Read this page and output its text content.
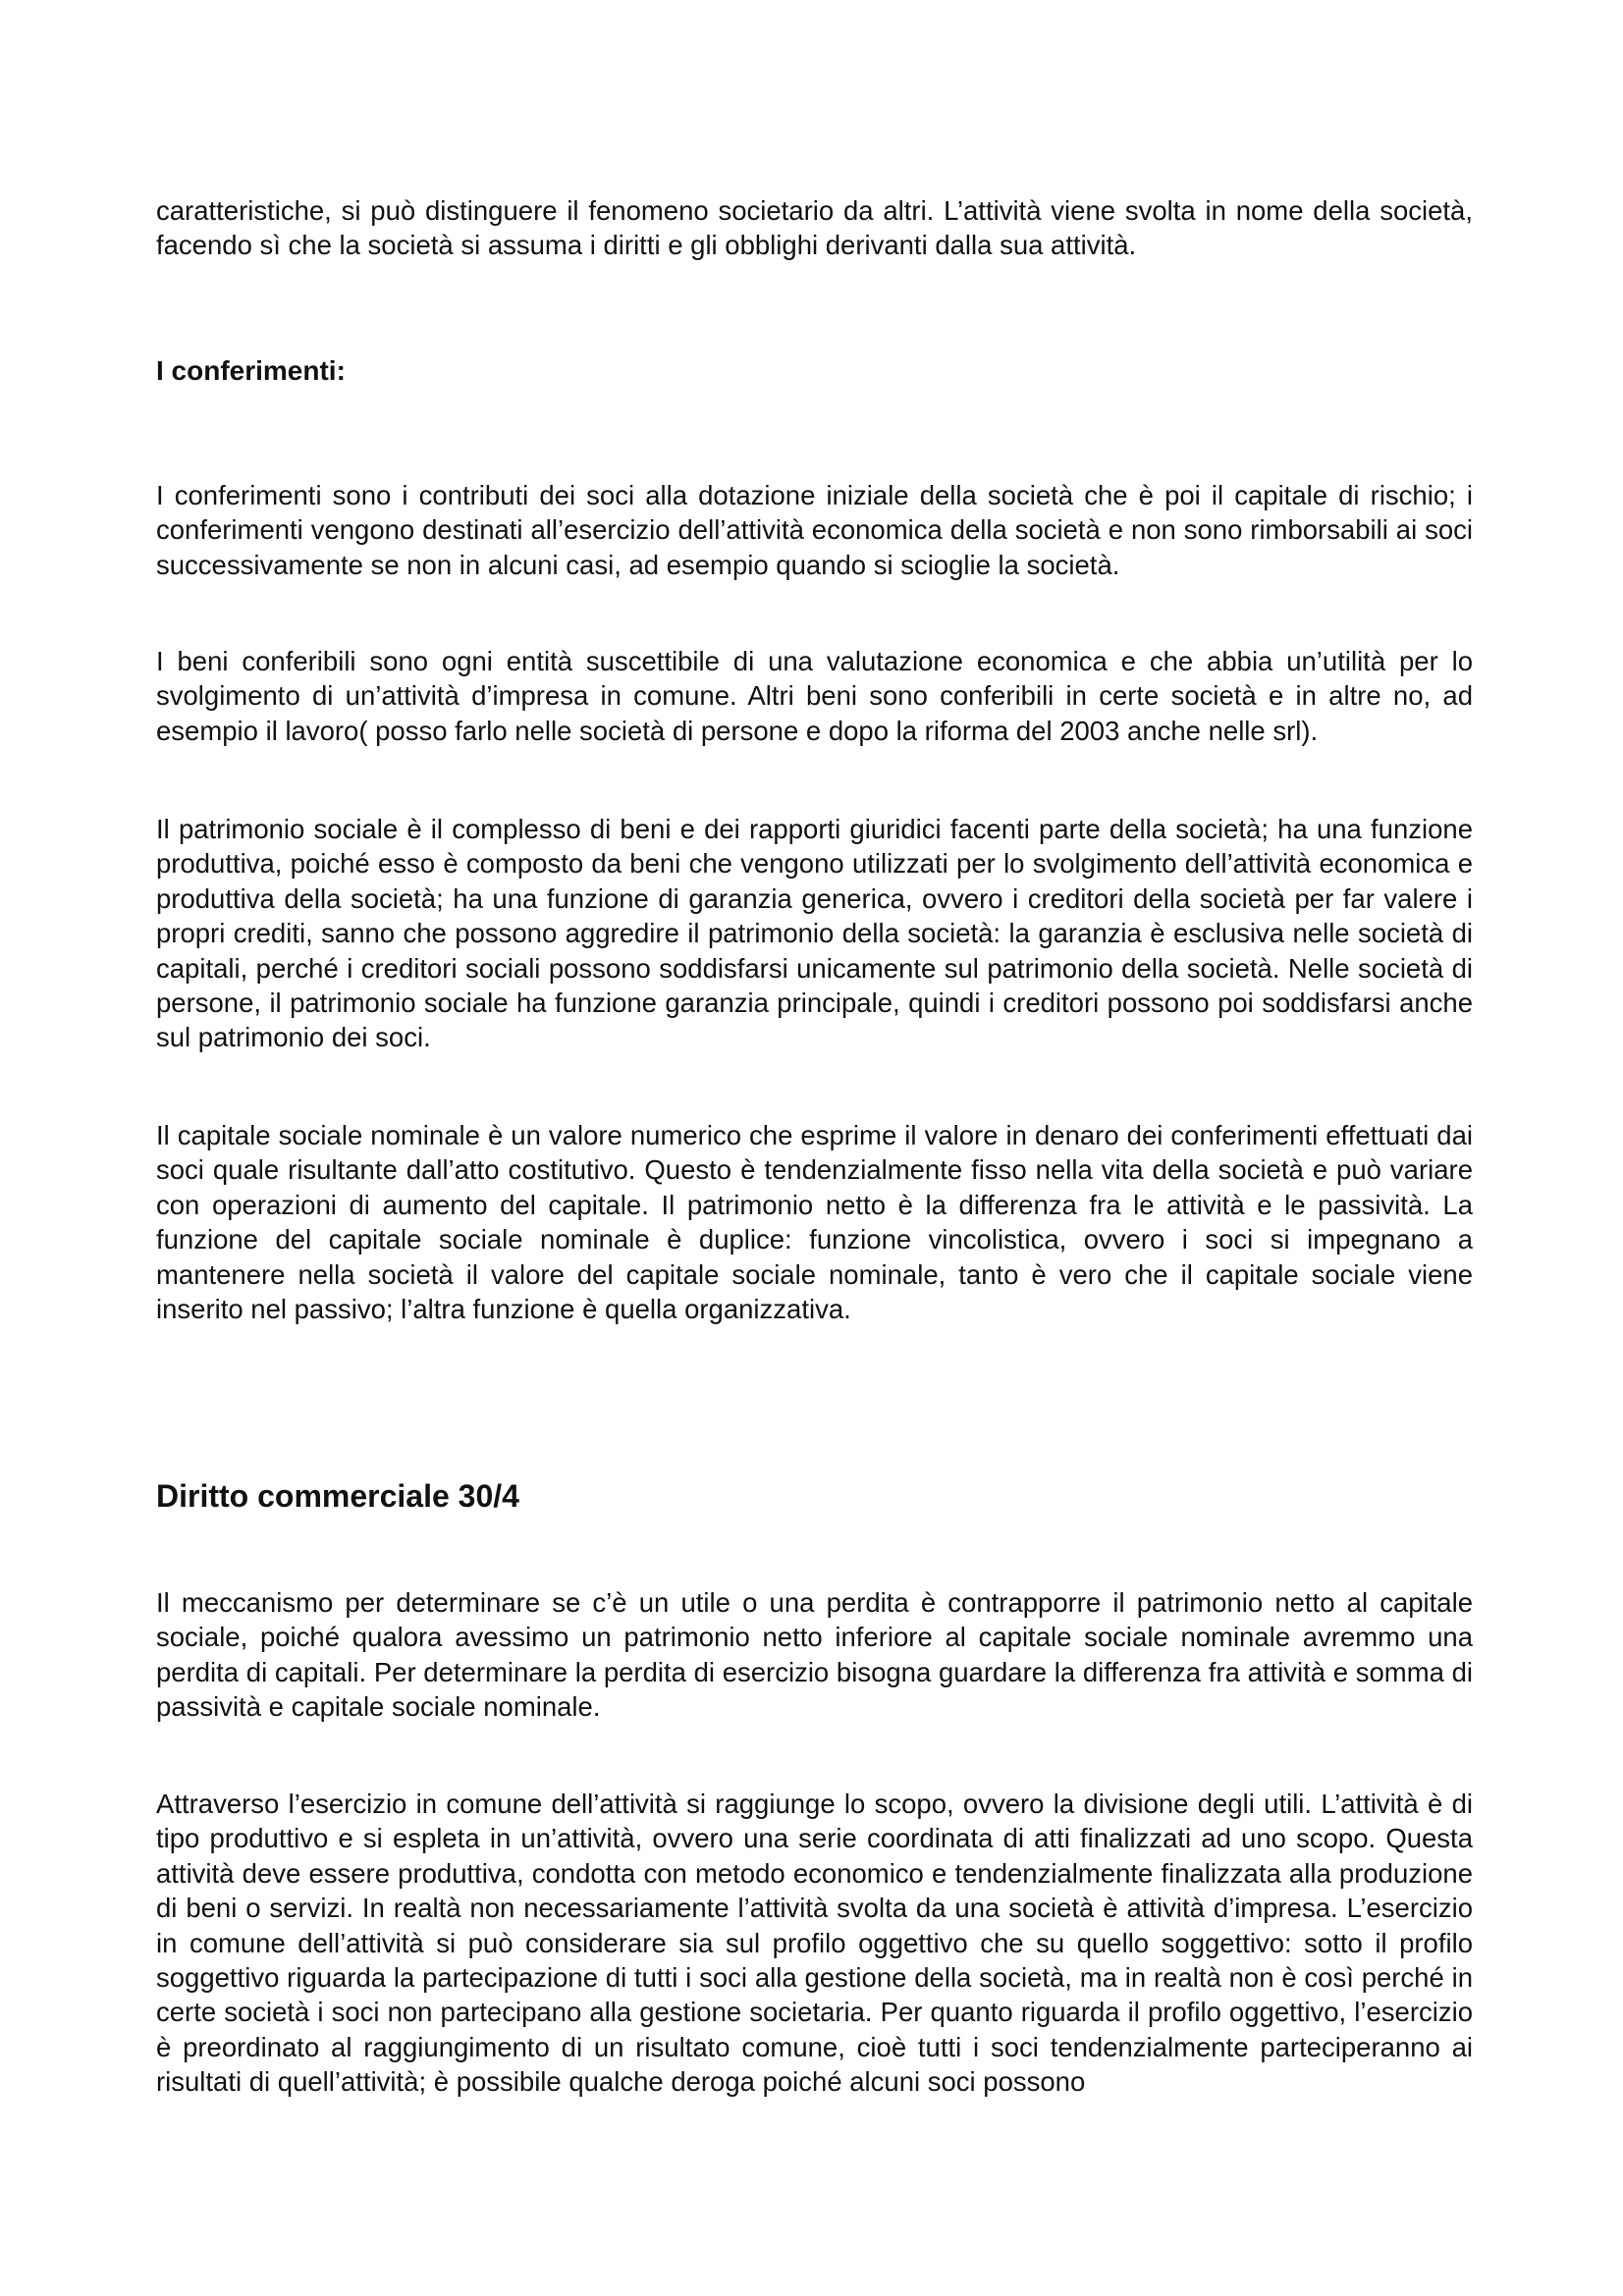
caratteristiche, si può distinguere il fenomeno societario da altri. L’attività viene svolta in nome della società, facendo sì che la società si assuma i diritti e gli obblighi derivanti dalla sua attività.

I conferimenti:

I conferimenti sono i contributi dei soci alla dotazione iniziale della società che è poi il capitale di rischio; i conferimenti vengono destinati all’esercizio dell’attività economica della società e non sono rimborsabili ai soci successivamente se non in alcuni casi, ad esempio quando si scioglie la società.

I beni conferibili sono ogni entità suscettibile di una valutazione economica e che abbia un’utilità per lo svolgimento di un’attività d’impresa in comune. Altri beni sono conferibili in certe società e in altre no, ad esempio il lavoro( posso farlo nelle società di persone e dopo la riforma del 2003 anche nelle srl).

Il patrimonio sociale è il complesso di beni e dei rapporti giuridici facenti parte della società; ha una funzione produttiva, poiché esso è composto da beni che vengono utilizzati per lo svolgimento dell’attività economica e produttiva della società; ha una funzione di garanzia generica, ovvero i creditori della società per far valere i propri crediti, sanno che possono aggredire il patrimonio della società: la garanzia è esclusiva nelle società di capitali, perché i creditori sociali possono soddisfarsi unicamente sul patrimonio della società. Nelle società di persone, il patrimonio sociale ha funzione garanzia principale, quindi i creditori possono poi soddisfarsi anche sul patrimonio dei soci.

Il capitale sociale nominale è un valore numerico che esprime il valore in denaro dei conferimenti effettuati dai soci quale risultante dall’atto costitutivo. Questo è tendenzialmente fisso nella vita della società e può variare con operazioni di aumento del capitale. Il patrimonio netto è la differenza fra le attività e le passività. La funzione del capitale sociale nominale è duplice: funzione vincolistica, ovvero i soci si impegnano a mantenere nella società il valore del capitale sociale nominale, tanto è vero che il capitale sociale viene inserito nel passivo; l’altra funzione è quella organizzativa.

Diritto commerciale 30/4

Il meccanismo per determinare se c’è un utile o una perdita è contrapporre il patrimonio netto al capitale sociale, poiché qualora avessimo un patrimonio netto inferiore al capitale sociale nominale avremmo una perdita di capitali. Per determinare la perdita di esercizio bisogna guardare la differenza fra attività e somma di passività e capitale sociale nominale.

Attraverso l’esercizio in comune dell’attività si raggiunge lo scopo, ovvero la divisione degli utili. L’attività è di tipo produttivo e si espleta in un’attività, ovvero una serie coordinata di atti finalizzati ad uno scopo. Questa attività deve essere produttiva, condotta con metodo economico e tendenzialmente finalizzata alla produzione di beni o servizi. In realtà non necessariamente l’attività svolta da una società è attività d’impresa. L’esercizio in comune dell’attività si può considerare sia sul profilo oggettivo che su quello soggettivo: sotto il profilo soggettivo riguarda la partecipazione di tutti i soci alla gestione della società, ma in realtà non è così perché in certe società i soci non partecipano alla gestione societaria. Per quanto riguarda il profilo oggettivo, l’esercizio è preordinato al raggiungimento di un risultato comune, cioè tutti i soci tendenzialmente parteciperanno ai risultati di quell’attività; è possibile qualche deroga poiché alcuni soci possono
